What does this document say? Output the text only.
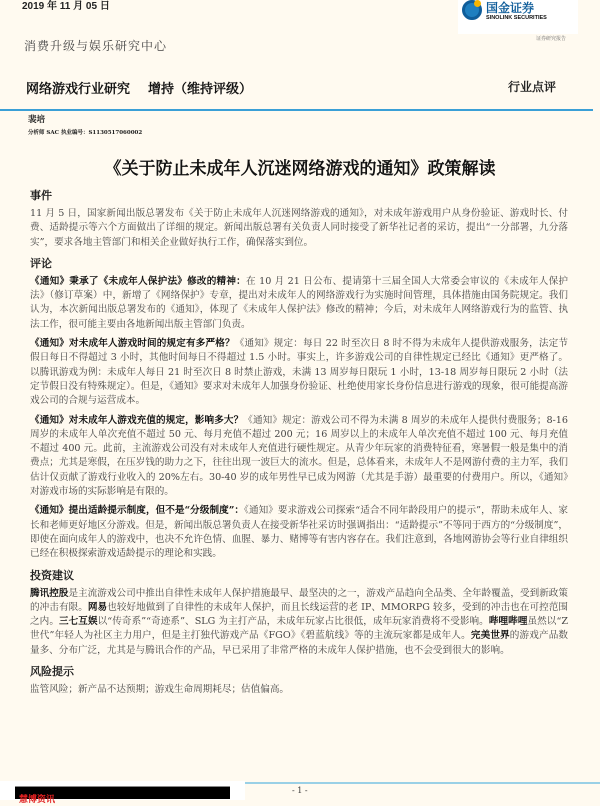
2019 年 11 月 05 日	国金证券
SINOLINK SECURITIES
证券研究报告
消费升级与娱乐研究中心
网络游戏行业研究 增持（维持评级）	行业点评
裴培
分析师 SAC 执业编号：S1130517060002
《关于防止未成年人沉迷网络游戏的通知》政策解读
事件
11 月 5 日，国家新闻出版总署发布《关于防止未成年人沉迷网络游戏的通知》，对未成年游戏用户从身份验证、游戏时长、付费、适龄提示等六个方面做出了详细的规定。新闻出版总署有关负责人同时接受了新华社记者的采访，提出“一分部署，九分落实”，要求各地主管部门和相关企业做好执行工作，确保落实到位。
评论
《通知》秉承了《未成年人保护法》修改的精神：在 10 月 21 日公布、提请第十三届全国人大常委会审议的《未成年人保护法》（修订草案）中，新增了《网络保护》专章，提出对未成年人的网络游戏行为实施时间管理，具体措施由国务院规定。我们认为，本次新闻出版总署发布的《通知》，体现了《未成年人保护法》修改的精神；今后，对未成年人网络游戏行为的监管、执法工作，很可能主要由各地新闻出版主管部门负责。
《通知》对未成年人游戏时间的规定有多严格？《通知》规定：每日 22 时至次日 8 时不得为未成年人提供游戏服务，法定节假日每日不得超过 3 小时，其他时间每日不得超过 1.5 小时。事实上，许多游戏公司的自律性规定已经比《通知》更严格了。以腾讯游戏为例：未成年人每日 21 时至次日 8 时禁止游戏，未满 13 周岁每日限玩 1 小时，13-18 周岁每日限玩 2 小时（法定节假日没有特殊规定）。但是，《通知》要求对未成年人加强身份验证、杜绝使用家长身份信息进行游戏的现象，很可能提高游戏公司的合规与运营成本。
《通知》对未成年人游戏充值的规定，影响多大？《通知》规定：游戏公司不得为未满 8 周岁的未成年人提供付费服务；8-16 周岁的未成年人单次充值不超过 50 元、每月充值不超过 200 元；16 周岁以上的未成年人单次充值不超过 100 元、每月充值不超过 400 元。此前，主流游戏公司没有对未成年人充值进行硬性规定。从青少年玩家的消费特征看，寒暑假一般是集中的消费点；尤其是寒假，在压岁钱的助力之下，往往出现一波巨大的流水。但是，总体看来，未成年人不是网游付费的主力军，我们估计仅贡献了游戏行业收入的 20%左右。30-40 岁的成年男性早已成为网游（尤其是手游）最重要的付费用户。所以，《通知》对游戏市场的实际影响是有限的。
《通知》提出适龄提示制度，但不是“分级制度”：《通知》要求游戏公司探索“适合不同年龄段用户的提示”，帮助未成年人、家长和老师更好地区分游戏。但是，新闻出版总署负责人在接受新华社采访时强调指出：“适龄提示”不等同于西方的“分级制度”，即使在面向成年人的游戏中，也决不允许色情、血腥、暴力、赌博等有害内容存在。我们注意到，各地网游协会等行业自律组织已经在积极探索游戏适龄提示的理论和实践。
投资建议
腾讯控股是主流游戏公司中推出自律性未成年人保护措施最早、最坚决的之一，游戏产品趋向全品类、全年龄覆盖，受到新政策的冲击有限。网易也较好地做到了自律性的未成年人保护，而且长线运营的老 IP、MMORPG 较多，受到的冲击也在可控范围之内。三七互娱以“传奇系”“奇迹系”、SLG 为主打产品，未成年玩家占比很低，成年玩家消费将不受影响。哔哩哔哩虽然以“Z 世代”年轻人为社区主力用户，但是主打独代游戏产品《FGO》《碧蓝航线》等的主流玩家都是成年人。完美世界的游戏产品数量多、分布广泛，尤其是与腾讯合作的产品，早已采用了非常严格的未成年人保护措施，也不会受到很大的影响。
风险提示
监管风险；新产品不达预期；游戏生命周期耗尽；估值偏高。
慧博资讯
- 1 -
